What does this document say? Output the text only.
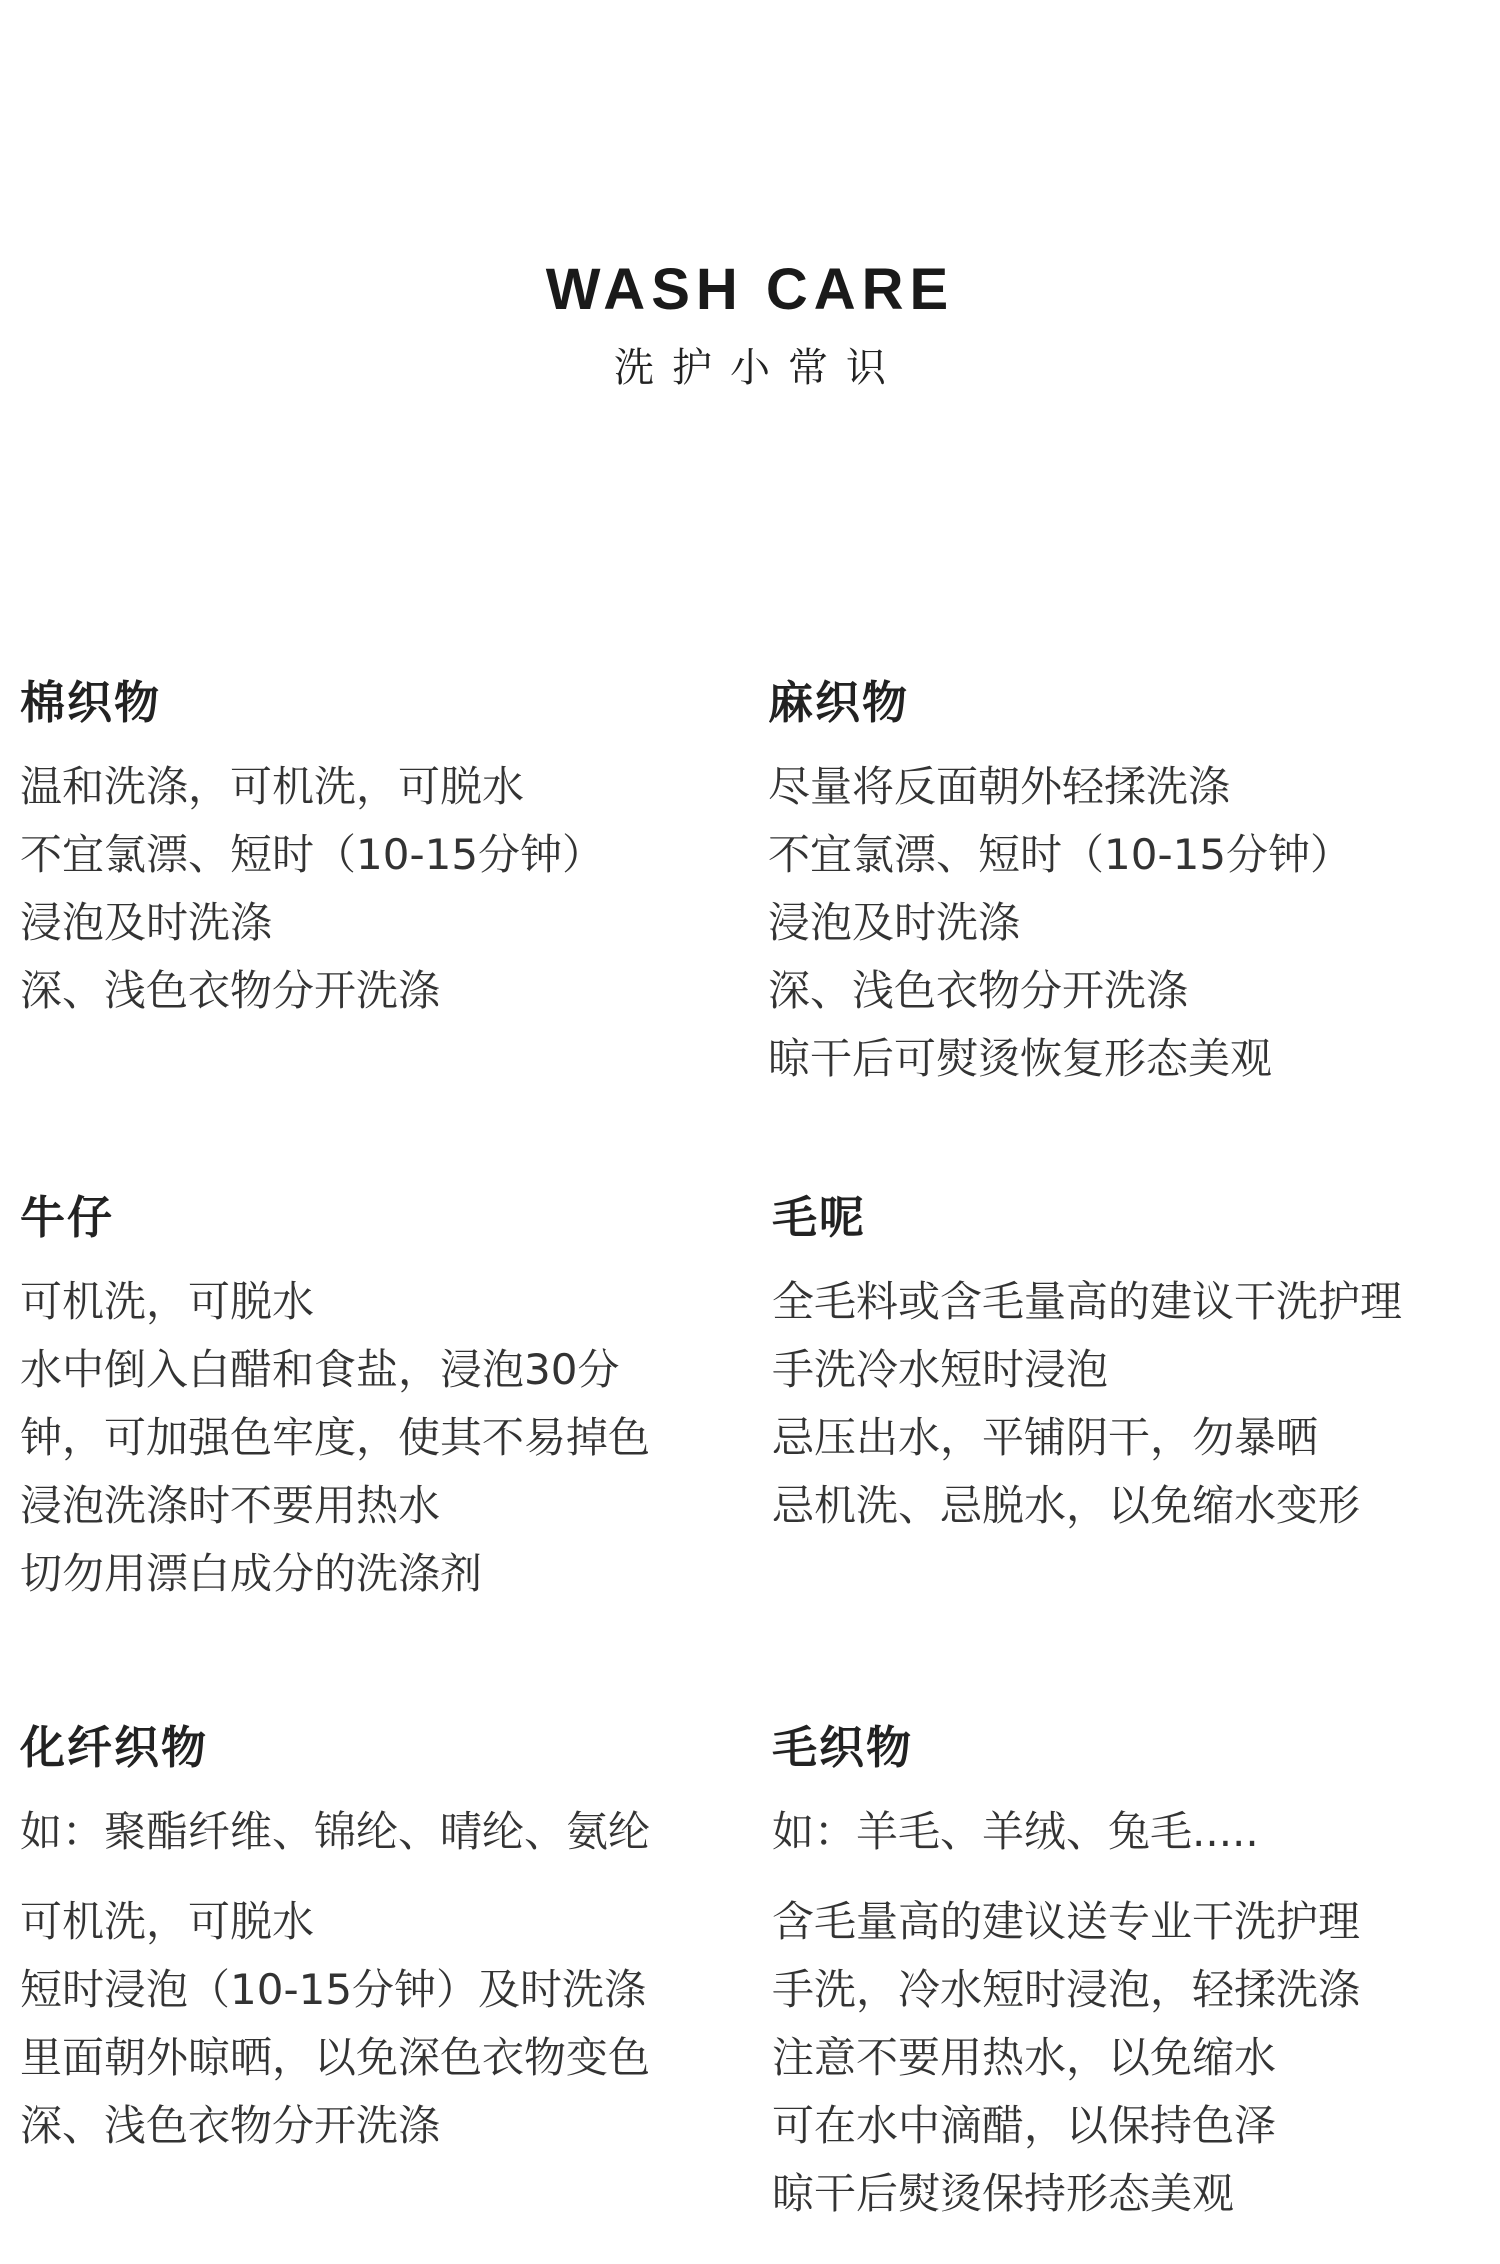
WASH CARE
洗护小常识
棉织物
温和洗涤，可机洗，可脱水
不宜氯漂、短时（10-15分钟）
浸泡及时洗涤
深、浅色衣物分开洗涤
麻织物
尽量将反面朝外轻揉洗涤
不宜氯漂、短时（10-15分钟）
浸泡及时洗涤
深、浅色衣物分开洗涤
晾干后可熨烫恢复形态美观
牛仔
可机洗，可脱水
水中倒入白醋和食盐，浸泡30分
钟，可加强色牢度，使其不易掉色
浸泡洗涤时不要用热水
切勿用漂白成分的洗涤剂
毛呢
全毛料或含毛量高的建议干洗护理
手洗冷水短时浸泡
忌压出水，平铺阴干，勿暴晒
忌机洗、忌脱水，以免缩水变形
化纤织物
如：聚酯纤维、锦纶、晴纶、氨纶
可机洗，可脱水
短时浸泡（10-15分钟）及时洗涤
里面朝外晾晒，以免深色衣物变色
深、浅色衣物分开洗涤
毛织物
如：羊毛、羊绒、兔毛.....
含毛量高的建议送专业干洗护理
手洗，冷水短时浸泡，轻揉洗涤
注意不要用热水，以免缩水
可在水中滴醋，以保持色泽
晾干后熨烫保持形态美观
